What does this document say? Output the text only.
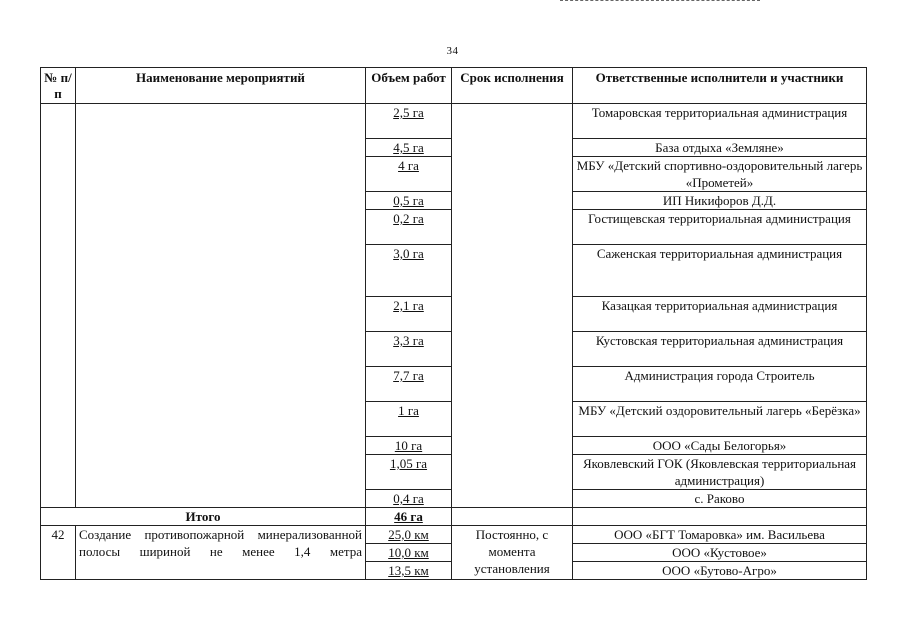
34
№ п/п	Наименование мероприятий	Объем работ	Срок исполнения	Ответственные исполнители и участники
		2,5 га		Томаровская территориальная администрация
		4,5 га		База отдыха «Земляне»
		4 га		МБУ «Детский спортивно-оздоровительный лагерь «Прометей»
		0,5 га		ИП Никифоров Д.Д.
		0,2 га		Гостищевская территориальная администрация
		3,0 га		Саженская территориальная администрация
		2,1 га		Казацкая территориальная администрация
		3,3 га		Кустовская территориальная администрация
		7,7 га		Администрация города Строитель
		1 га		МБУ «Детский оздоровительный лагерь «Берёзка»
		10 га		ООО «Сады Белогорья»
		1,05 га		Яковлевский ГОК (Яковлевская территориальная администрация)
		0,4 га		с. Раково
Итого		46 га		
42	Создание противопожарной минерализованной полосы шириной не менее 1,4 метра	25,0 км	Постоянно, с момента установления	ООО «БГТ Томаровка» им. Васильева
		10,0 км		ООО «Кустовое»
		13,5 км		ООО «Бутово-Агро»
